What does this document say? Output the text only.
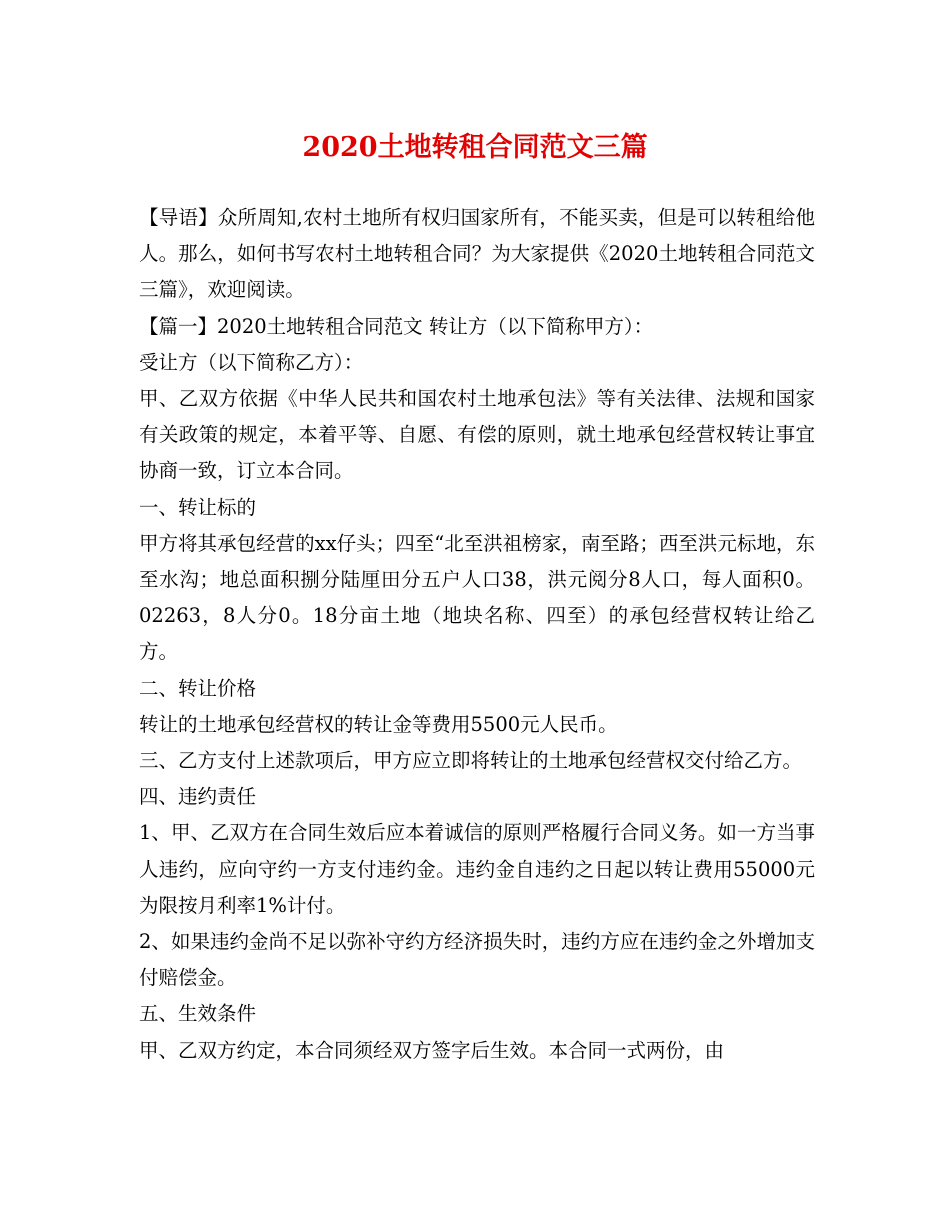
2020土地转租合同范文三篇

【导语】众所周知,农村土地所有权归国家所有，不能买卖，但是可以转租给他人。那么，如何书写农村土地转租合同？为大家提供《2020土地转租合同范文三篇》，欢迎阅读。

【篇一】2020土地转租合同范文 转让方（以下简称甲方）：

受让方（以下简称乙方）：

甲、乙双方依据《中华人民共和国农村土地承包法》等有关法律、法规和国家有关政策的规定，本着平等、自愿、有偿的原则，就土地承包经营权转让事宜协商一致，订立本合同。

一、转让标的

甲方将其承包经营的xx仔头；四至“北至洪祖榜家，南至路；西至洪元标地，东至水沟；地总面积捌分陆厘田分五户人口38，洪元阅分8人口，每人面积0。02263，8人分0。18分亩土地（地块名称、四至）的承包经营权转让给乙方。

二、转让价格

转让的土地承包经营权的转让金等费用5500元人民币。

三、乙方支付上述款项后，甲方应立即将转让的土地承包经营权交付给乙方。

四、违约责任

1、甲、乙双方在合同生效后应本着诚信的原则严格履行合同义务。如一方当事人违约，应向守约一方支付违约金。违约金自违约之日起以转让费用55000元为限按月利率1%计付。

2、如果违约金尚不足以弥补守约方经济损失时，违约方应在违约金之外增加支付赔偿金。

五、生效条件

甲、乙双方约定，本合同须经双方签字后生效。本合同一式两份，由
